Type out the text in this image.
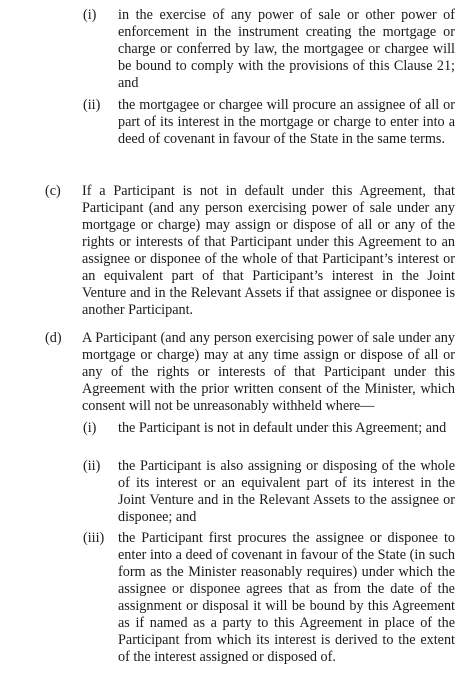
(i) in the exercise of any power of sale or other power of enforcement in the instrument creating the mortgage or charge or conferred by law, the mortgagee or chargee will be bound to comply with the provisions of this Clause 21; and
(ii) the mortgagee or chargee will procure an assignee of all or part of its interest in the mortgage or charge to enter into a deed of covenant in favour of the State in the same terms.
(c) If a Participant is not in default under this Agreement, that Participant (and any person exercising power of sale under any mortgage or charge) may assign or dispose of all or any of the rights or interests of that Participant under this Agreement to an assignee or disponee of the whole of that Participant’s interest or an equivalent part of that Participant’s interest in the Joint Venture and in the Relevant Assets if that assignee or disponee is another Participant.
(d) A Participant (and any person exercising power of sale under any mortgage or charge) may at any time assign or dispose of all or any of the rights or interests of that Participant under this Agreement with the prior written consent of the Minister, which consent will not be unreasonably withheld where—
(i) the Participant is not in default under this Agreement; and
(ii) the Participant is also assigning or disposing of the whole of its interest or an equivalent part of its interest in the Joint Venture and in the Relevant Assets to the assignee or disponee; and
(iii) the Participant first procures the assignee or disponee to enter into a deed of covenant in favour of the State (in such form as the Minister reasonably requires) under which the assignee or disponee agrees that as from the date of the assignment or disposal it will be bound by this Agreement as if named as a party to this Agreement in place of the Participant from which its interest is derived to the extent of the interest assigned or disposed of.
